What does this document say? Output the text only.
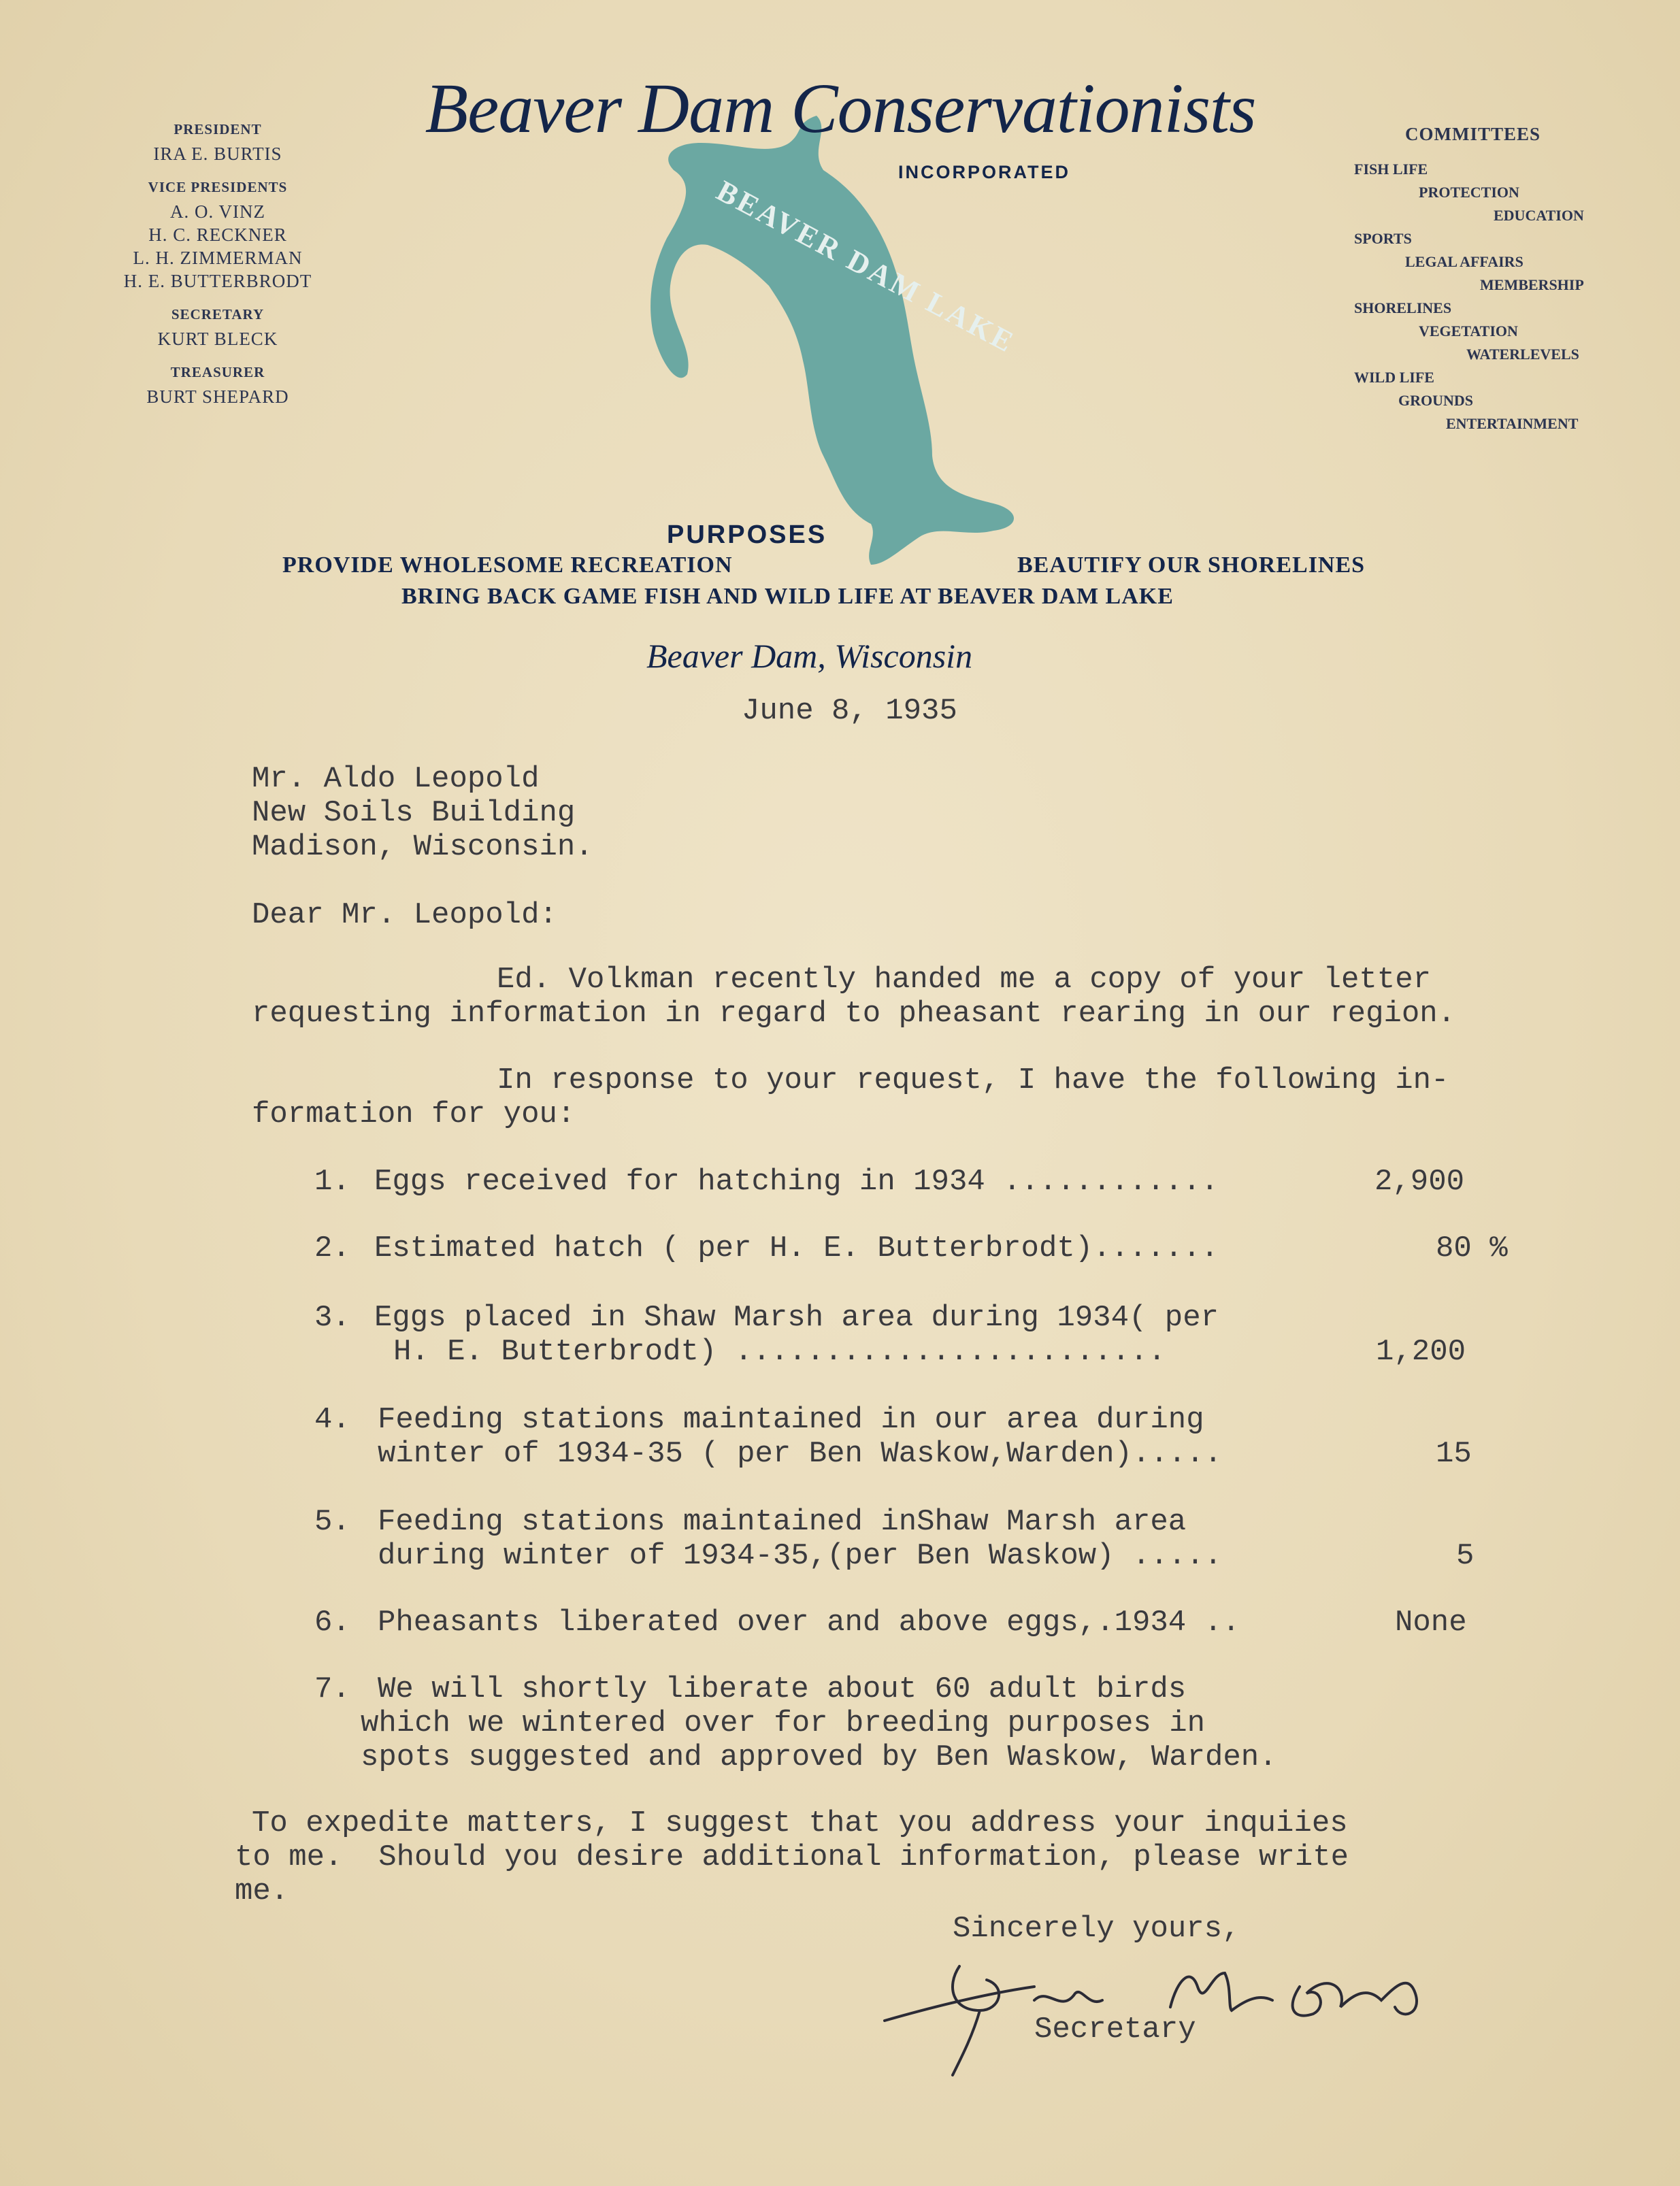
PRESIDENT
IRA E. BURTIS
VICE PRESIDENTS
A. O. VINZ
H. C. RECKNER
L. H. ZIMMERMAN
H. E. BUTTERBRODT
SECRETARY
KURT BLECK
TREASURER
BURT SHEPARD
BEAVER DAM LAKE
Beaver Dam Conservationists
INCORPORATED
COMMITTEES
FISH LIFE
PROTECTION
EDUCATION
SPORTS
LEGAL AFFAIRS
MEMBERSHIP
SHORELINES
VEGETATION
WATERLEVELS
WILD LIFE
GROUNDS
ENTERTAINMENT
PURPOSES
PROVIDE WHOLESOME RECREATION	BEAUTIFY OUR SHORELINES
BRING BACK GAME FISH AND WILD LIFE AT BEAVER DAM LAKE
Beaver Dam, Wisconsin
June 8, 1935
Mr. Aldo Leopold
New Soils Building
Madison, Wisconsin.
Dear Mr. Leopold:
Ed. Volkman recently handed me a copy of your letter
requesting information in regard to pheasant rearing in our region.
In response to your request, I have the following in-
formation for you:
1. Eggs received for hatching in 1934 ............	2,900
2. Estimated hatch ( per H. E. Butterbrodt).......	80 %
3. Eggs placed in Shaw Marsh area during 1934( per
H. E. Butterbrodt) ........................	1,200
4. Feeding stations maintained in our area during
winter of 1934-35 ( per Ben Waskow,Warden).....	15
5. Feeding stations maintained inShaw Marsh area
during winter of 1934-35,(per Ben Waskow) .....	5
6. Pheasants liberated over and above eggs,.1934 ..	None
7. We will shortly liberate about 60 adult birds
which we wintered over for breeding purposes in
spots suggested and approved by Ben Waskow, Warden.
To expedite matters, I suggest that you address your inquiies
to me.  Should you desire additional information, please write
me.
Sincerely yours,
Kurt M. Bleck
Secretary
